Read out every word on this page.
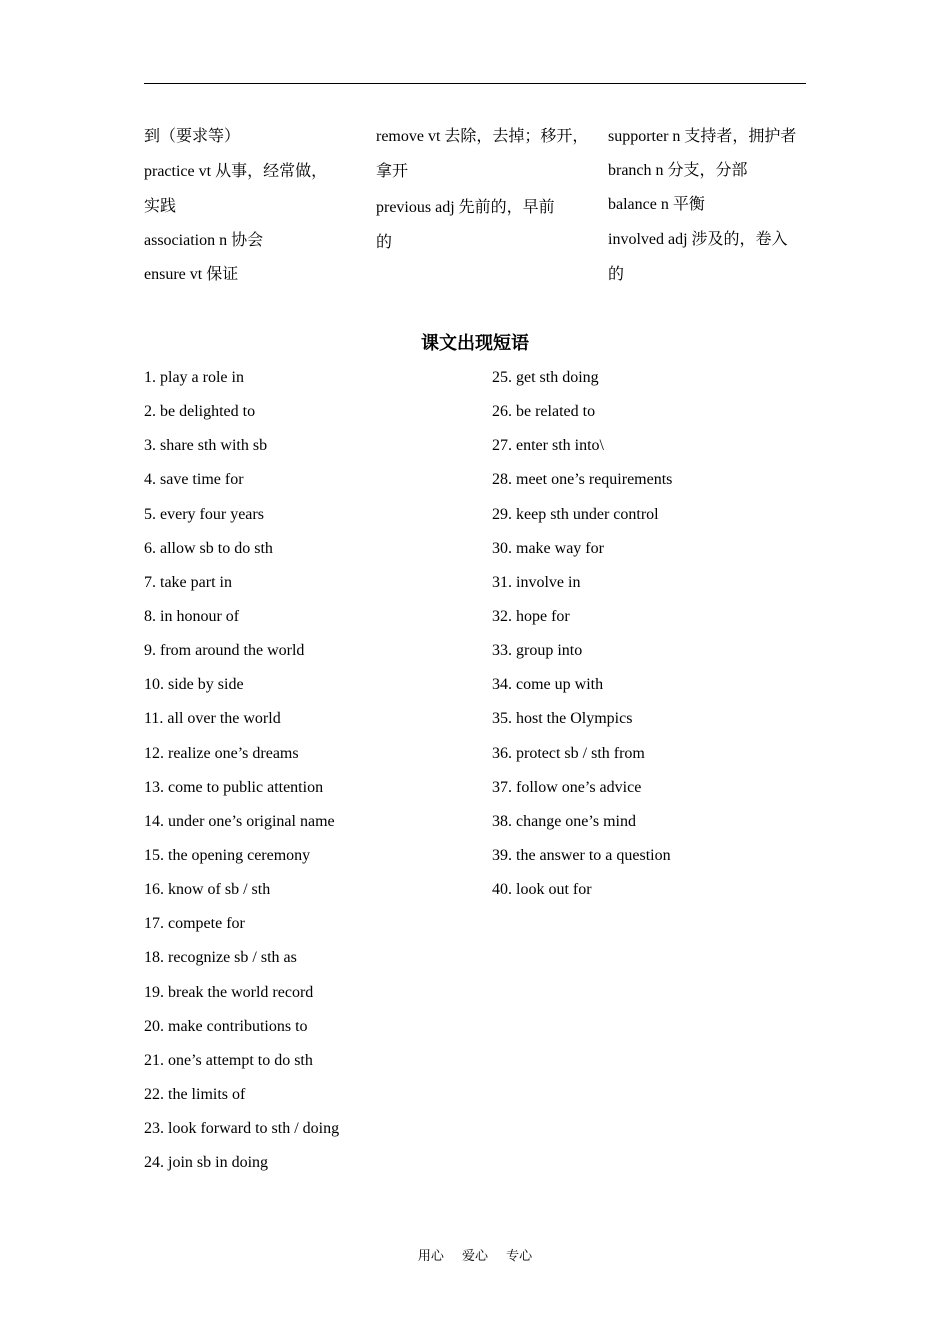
到（要求等）
practice vt 从事，经常做，
实践
association n 协会
ensure vt 保证
remove vt 去除，去掉；移开，
拿开
previous adj 先前的，早前
的
supporter n 支持者，拥护者
branch n 分支，分部
balance n 平衡
involved adj 涉及的，卷入
的
课文出现短语
1. play a role in
2. be delighted to
3. share sth with sb
4. save time for
5. every four years
6. allow sb to do sth
7. take part in
8. in honour of
9. from around the world
10. side by side
11. all over the world
12. realize one’s dreams
13. come to public attention
14. under one’s original name
15. the opening ceremony
16. know of sb / sth
17. compete for
18. recognize sb / sth as
19. break the world record
20. make contributions to
21. one’s attempt to do sth
22. the limits of
23. look forward to sth / doing
24. join sb in doing
25. get sth doing
26. be related to
27. enter sth into\
28. meet one’s requirements
29. keep sth under control
30. make way for
31. involve in
32. hope for
33. group into
34. come up with
35. host the Olympics
36. protect sb / sth from
37. follow one’s advice
38. change one’s mind
39. the answer to a question
40. look out for
用心 爱心 专心
